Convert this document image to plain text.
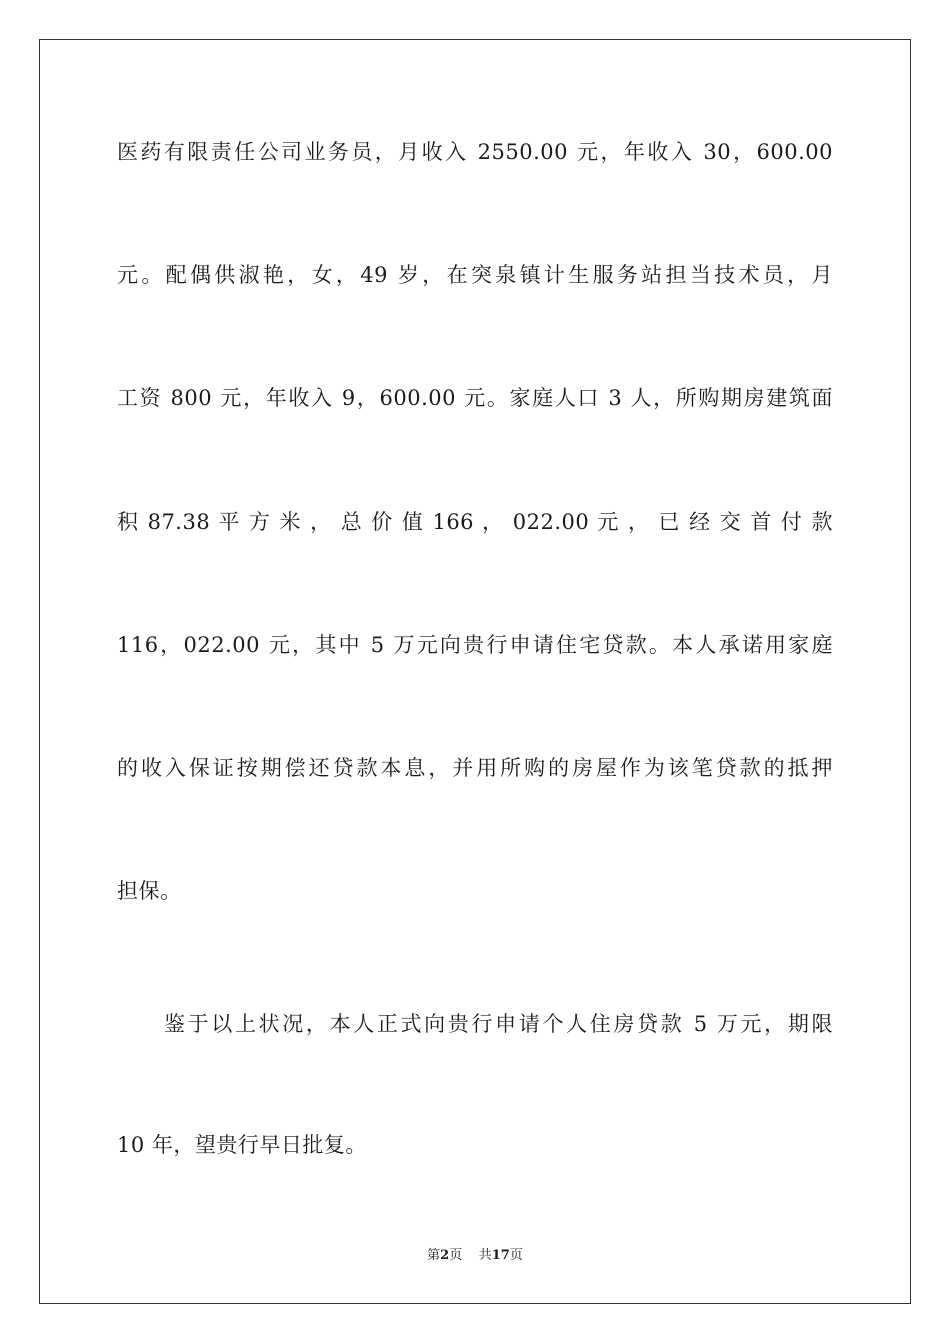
医药有限责任公司业务员，月收入 2550.00 元，年收入 30，600.00
元。配偶供淑艳，女，49 岁，在突泉镇计生服务站担当技术员，月
工资 800 元，年收入 9，600.00 元。家庭人口 3 人，所购期房建筑面
积 87.38 平 方 米 ， 总 价 值 166 ， 022.00 元 ， 已 经 交 首 付 款
116，022.00 元，其中 5 万元向贵行申请住宅贷款。本人承诺用家庭
的收入保证按期偿还贷款本息，并用所购的房屋作为该笔贷款的抵押
担保。
鉴于以上状况，本人正式向贵行申请个人住房贷款 5 万元，期限
10 年，望贵行早日批复。
第2页 共17页
